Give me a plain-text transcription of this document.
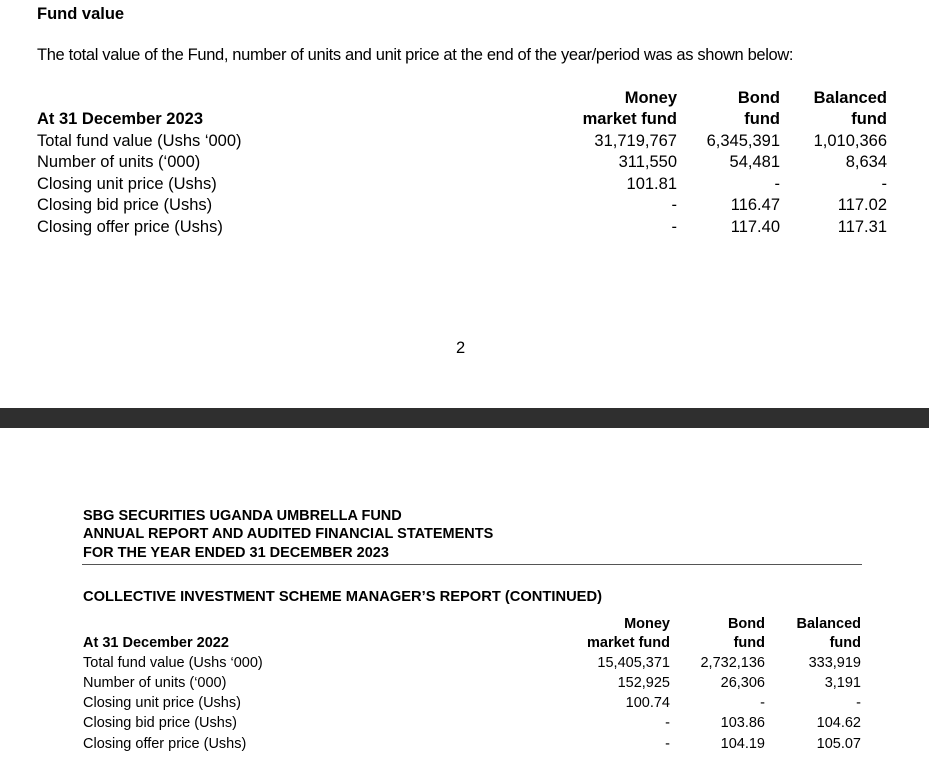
Fund value
The total value of the Fund, number of units and unit price at the end of the year/period was as shown below:
Money	Bond	Balanced
At 31 December 2023	market fund	fund	fund
Total fund value (Ushs ‘000)	31,719,767	6,345,391	1,010,366
Number of units (‘000)	311,550	54,481	8,634
Closing unit price (Ushs)	101.81	-	-
Closing bid price (Ushs)	-	116.47	117.02
Closing offer price (Ushs)	-	117.40	117.31
2
SBG SECURITIES UGANDA UMBRELLA FUND
ANNUAL REPORT AND AUDITED FINANCIAL STATEMENTS
FOR THE YEAR ENDED 31 DECEMBER 2023
COLLECTIVE INVESTMENT SCHEME MANAGER’S REPORT (CONTINUED)
Money	Bond	Balanced
At 31 December 2022	market fund	fund	fund
Total fund value (Ushs ‘000)	15,405,371	2,732,136	333,919
Number of units (‘000)	152,925	26,306	3,191
Closing unit price (Ushs)	100.74	-	-
Closing bid price (Ushs)	-	103.86	104.62
Closing offer price (Ushs)	-	104.19	105.07
